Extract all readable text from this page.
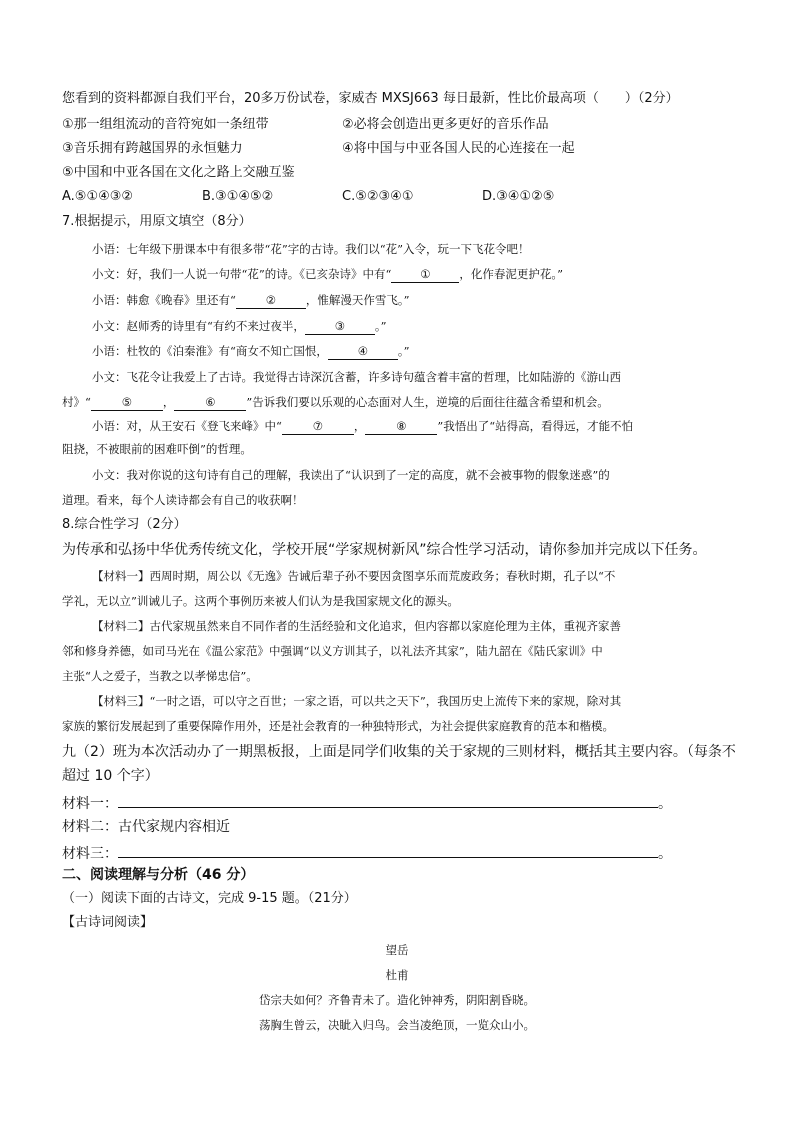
您看到的资料都源自我们平台，20多万份试卷，家威杏 MXSJ663 每日最新，性比价最高项（　　）（2分）
①那一组组流动的音符宛如一条纽带	②必将会创造出更多更好的音乐作品
③音乐拥有跨越国界的永恒魅力	④将中国与中亚各国人民的心连接在一起
⑤中国和中亚各国在文化之路上交融互鉴
A.⑤①④③②	B.③①④⑤②	C.⑤②③④①	D.③④①②⑤
7.根据提示，用原文填空（8分）
小语：七年级下册课本中有很多带“花”字的古诗。我们以“花”入令，玩一下飞花令吧！
小文：好，我们一人说一句带“花”的诗。《已亥杂诗》中有“	①	，化作春泥更护花。”
小语：韩愈《晚春》里还有“	②	，惟解漫天作雪飞。”
小文：赵师秀的诗里有“有约不来过夜半，	③	。”
小语：杜牧的《泊秦淮》有“商女不知亡国恨，	④	。”
小文：飞花令让我爱上了古诗。我觉得古诗深沉含蓄，许多诗句蕴含着丰富的哲理，比如陆游的《游山西
村》“	⑤	，	⑥	”告诉我们要以乐观的心态面对人生，逆境的后面往往蕴含希望和机会。
小语：对，从王安石《登飞来峰》中“	⑦	，	⑧	”我悟出了“站得高，看得远，才能不怕
阻挠，不被眼前的困难吓倒”的哲理。
小文：我对你说的这句诗有自己的理解，我读出了“认识到了一定的高度，就不会被事物的假象迷惑”的
道理。看来，每个人读诗都会有自己的收获啊！
8.综合性学习（2分）
为传承和弘扬中华优秀传统文化，学校开展“学家规树新风”综合性学习活动，请你参加并完成以下任务。
【材料一】西周时期，周公以《无逸》告诫后辈子孙不要因贪图享乐而荒废政务；春秋时期，孔子以“不
学礼，无以立”训诫儿子。这两个事例历来被人们认为是我国家规文化的源头。
【材料二】古代家规虽然来自不同作者的生活经验和文化追求，但内容都以家庭伦理为主体，重视齐家善
邻和修身养德，如司马光在《温公家范》中强调“以义方训其子，以礼法齐其家”，陆九韶在《陆氏家训》中
主张“人之爱子，当教之以孝悌忠信”。
【材料三】“一时之语，可以守之百世；一家之语，可以共之天下”，我国历史上流传下来的家规，除对其
家族的繁衍发展起到了重要保障作用外，还是社会教育的一种独特形式，为社会提供家庭教育的范本和楷模。
九（2）班为本次活动办了一期黑板报，上面是同学们收集的关于家规的三则材料，概括其主要内容。（每条不
超过 10 个字）
材料一：	。
材料二：古代家规内容相近
材料三：	。
二、阅读理解与分析（46 分）
（一）阅读下面的古诗文，完成 9-15 题。（21分）
【古诗词阅读】
望岳
杜甫
岱宗夫如何？齐鲁青未了。造化钟神秀，阴阳割昏晓。
荡胸生曾云，决眦入归鸟。会当凌绝顶，一览众山小。
